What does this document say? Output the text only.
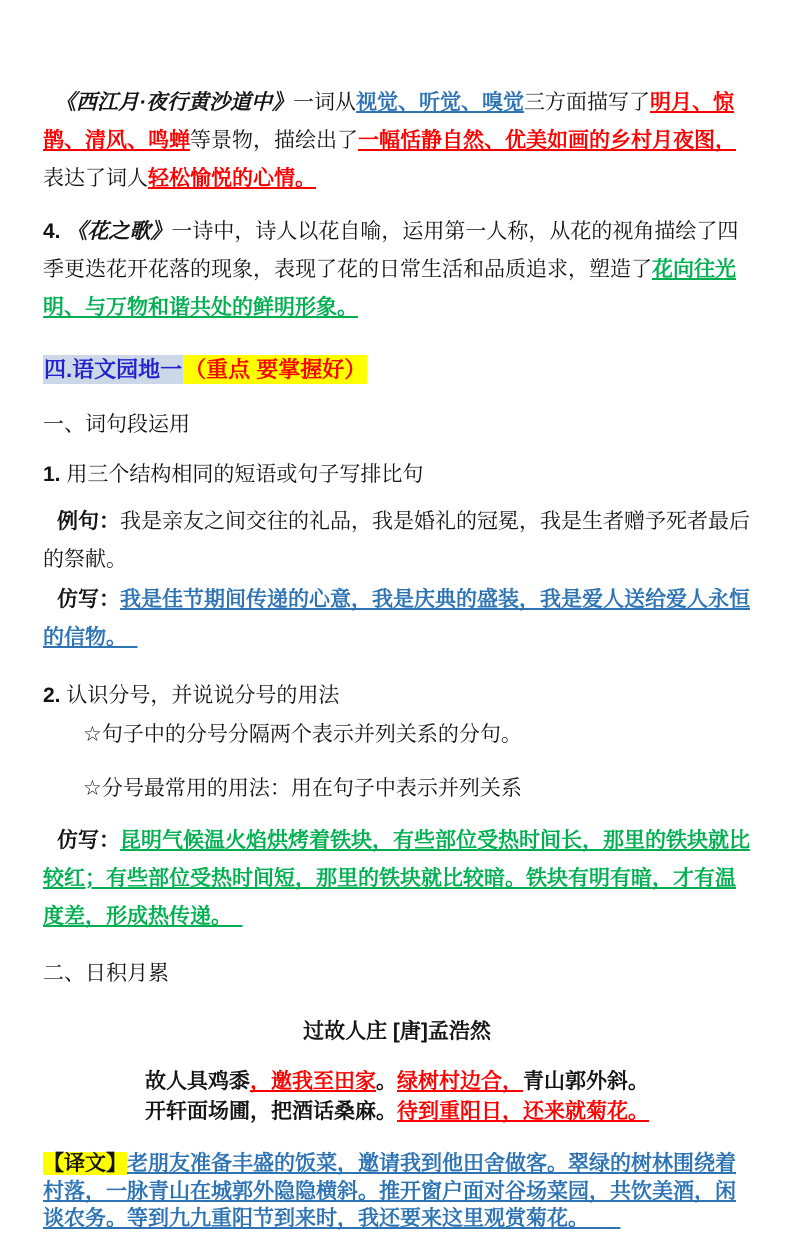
《西江月·夜行黄沙道中》一词从视觉、听觉、嗅觉三方面描写了明月、惊鹊、清风、鸣蝉等景物，描绘出了一幅恬静自然、优美如画的乡村月夜图，表达了词人轻松愉悦的心情。
4. 《花之歌》一诗中，诗人以花自喻，运用第一人称，从花的视角描绘了四季更迭花开花落的现象，表现了花的日常生活和品质追求，塑造了花向往光明、与万物和谐共处的鲜明形象。
四.语文园地一（重点 要掌握好）
一、词句段运用
1. 用三个结构相同的短语或句子写排比句
例句：我是亲友之间交往的礼品，我是婚礼的冠冕，我是生者赠予死者最后的祭献。
仿写：我是佳节期间传递的心意，我是庆典的盛装，我是爱人送给爱人永恒的信物。　
2. 认识分号，并说说分号的用法
☆句子中的分号分隔两个表示并列关系的分句。
☆分号最常用的用法：用在句子中表示并列关系
仿写：昆明气候温火焰烘烤着铁块，有些部位受热时间长，那里的铁块就比较红；有些部位受热时间短，那里的铁块就比较暗。铁块有明有暗，才有温度差，形成热传递。　
二、日积月累
过故人庄 [唐]孟浩然
故人具鸡黍，邀我至田家。绿树村边合，青山郭外斜。
开轩面场圃，把酒话桑麻。待到重阳日，还来就菊花。
【译文】老朋友准备丰盛的饭菜，邀请我到他田舍做客。翠绿的树林围绕着村落，一脉青山在城郭外隐隐横斜。推开窗户面对谷场菜园，共饮美酒，闲谈农务。等到九九重阳节到来时，我还要来这里观赏菊花。　　
